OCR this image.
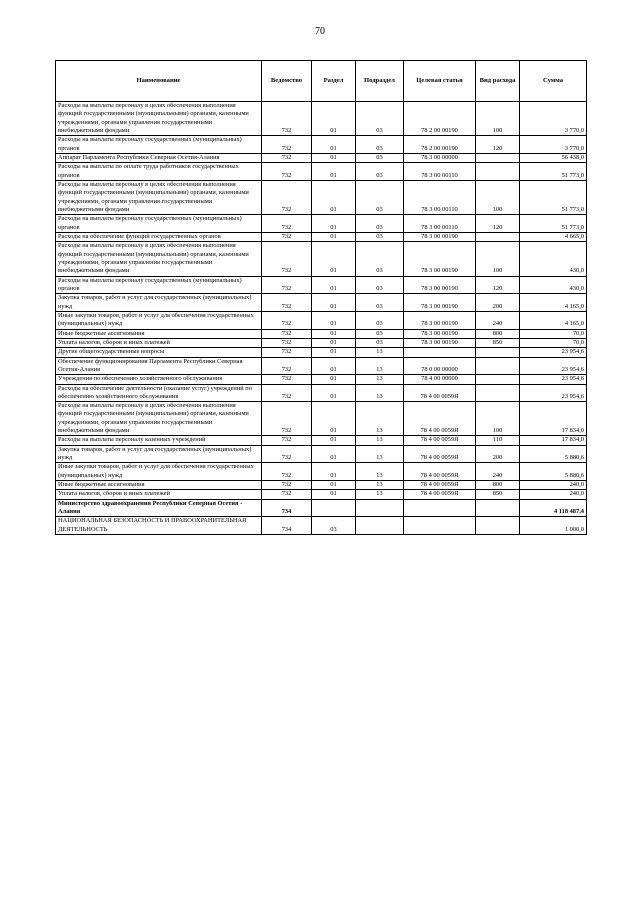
70
Наименование	Ведомство	Раздел	Подраздел	Целевая статья	Вид расхода	Сумма
Расходы на выплаты персоналу в целях обеспечения выполнения функций государственными (муниципальными) органами, казенными учреждениями, органами управления государственными внебюджетными фондами	732	01	03	78 2 00 00190	100	3 770,0
Расходы на выплаты персоналу государственных (муниципальных) органов	732	01	03	78 2 00 00190	120	3 770,0
Аппарат Парламента Республики Северная Осетия-Алания	732	01	03	78 3 00 00000		56 438,0
Расходы на выплаты по оплате труда работников государственных органов	732	01	03	78 3 00 00110		51 773,0
Расходы на выплаты персоналу в целях обеспечения выполнения функций государственными (муниципальными) органами, казенными учреждениями, органами управления государственными внебюджетными фондами	732	01	03	78 3 00 00110	100	51 773,0
Расходы на выплаты персоналу государственных (муниципальных) органов	732	01	03	78 3 00 00110	120	51 773,0
Расходы на обеспечение функций государственных органов	732	01	03	78 3 00 00190		4 665,0
Расходы на выплаты персоналу в целях обеспечения выполнения функций государственными (муниципальными) органами, казенными учреждениями, органами управления государственными внебюджетными фондами	732	01	03	78 3 00 00190	100	430,0
Расходы на выплаты персоналу государственных (муниципальных) органов	732	01	03	78 3 00 00190	120	430,0
Закупка товаров, работ и услуг для государственных (муниципальных) нужд	732	01	03	78 3 00 00190	200	4 165,0
Иные закупки товаров, работ и услуг для обеспечения государственных (муниципальных) нужд	732	01	03	78 3 00 00190	240	4 165,0
Иные бюджетные ассигнования	732	01	03	78 3 00 00190	800	70,0
Уплата налогов, сборов и иных платежей	732	01	03	78 3 00 00190	850	70,0
Другие общегосударственные вопросы	732	01	13			23 954,6
Обеспечение функционирования Парламента Республики Северная Осетия-Алания	732	01	13	78 0 00 00000		23 954,6
Учреждения по обеспечению хозяйственного обслуживания	732	01	13	78 4 00 00000		23 954,6
Расходы на обеспечение деятельности (оказание услуг) учреждений по обеспечению хозяйственного обслуживания	732	01	13	78 4 00 0059Я		23 954,6
Расходы на выплаты персоналу в целях обеспечения выполнения функций государственными (муниципальными) органами, казенными учреждениями, органами управления государственными внебюджетными фондами	732	01	13	78 4 00 0059Я	100	17 834,0
Расходы на выплаты персоналу казенных учреждений	732	01	13	78 4 00 0059Я	110	17 834,0
Закупка товаров, работ и услуг для государственных (муниципальных) нужд	732	01	13	78 4 00 0059Я	200	5 880,6
Иные закупки товаров, работ и услуг для обеспечения государственных (муниципальных) нужд	732	01	13	78 4 00 0059Я	240	5 880,6
Иные бюджетные ассигнования	732	01	13	78 4 00 0059Я	800	240,0
Уплата налогов, сборов и иных платежей	732	01	13	78 4 00 0059Я	850	240,0
Министерство здравоохранения Республики Северная Осетия - Алания	734					4 118 487,4
НАЦИОНАЛЬНАЯ БЕЗОПАСНОСТЬ И ПРАВООХРАНИТЕЛЬНАЯ ДЕЯТЕЛЬНОСТЬ	734	03				1 000,0
